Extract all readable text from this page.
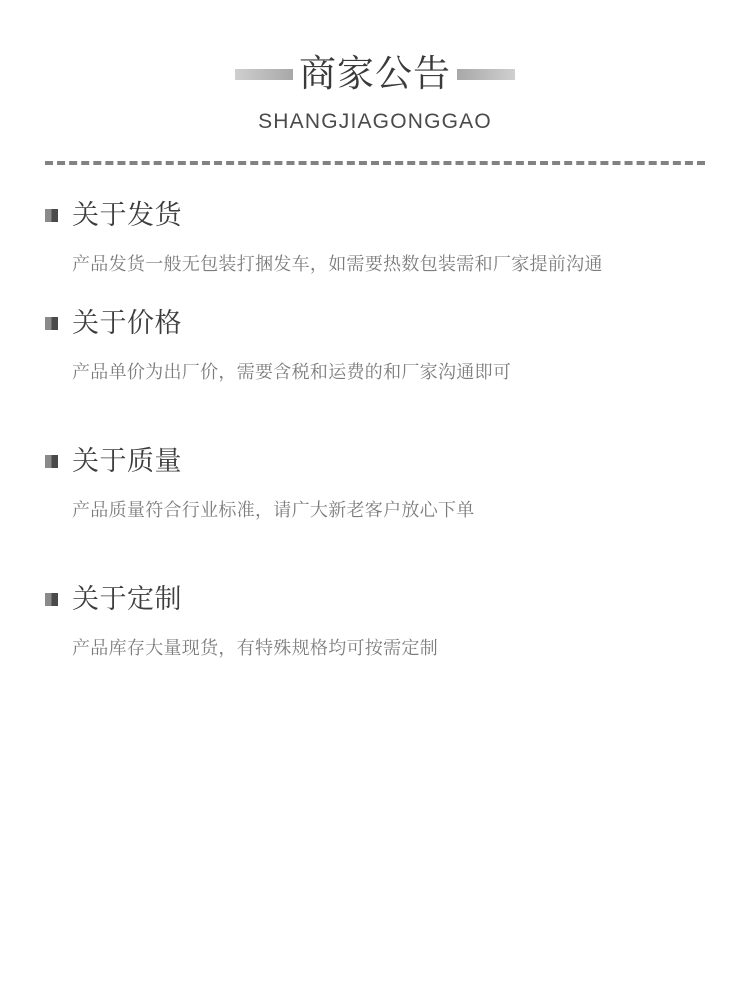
商家公告
SHANGJIAGONGGAO
关于发货
产品发货一般无包装打捆发车，如需要热数包装需和厂家提前沟通
关于价格
产品单价为出厂价，需要含税和运费的和厂家沟通即可
关于质量
产品质量符合行业标准，请广大新老客户放心下单
关于定制
产品库存大量现货，有特殊规格均可按需定制
